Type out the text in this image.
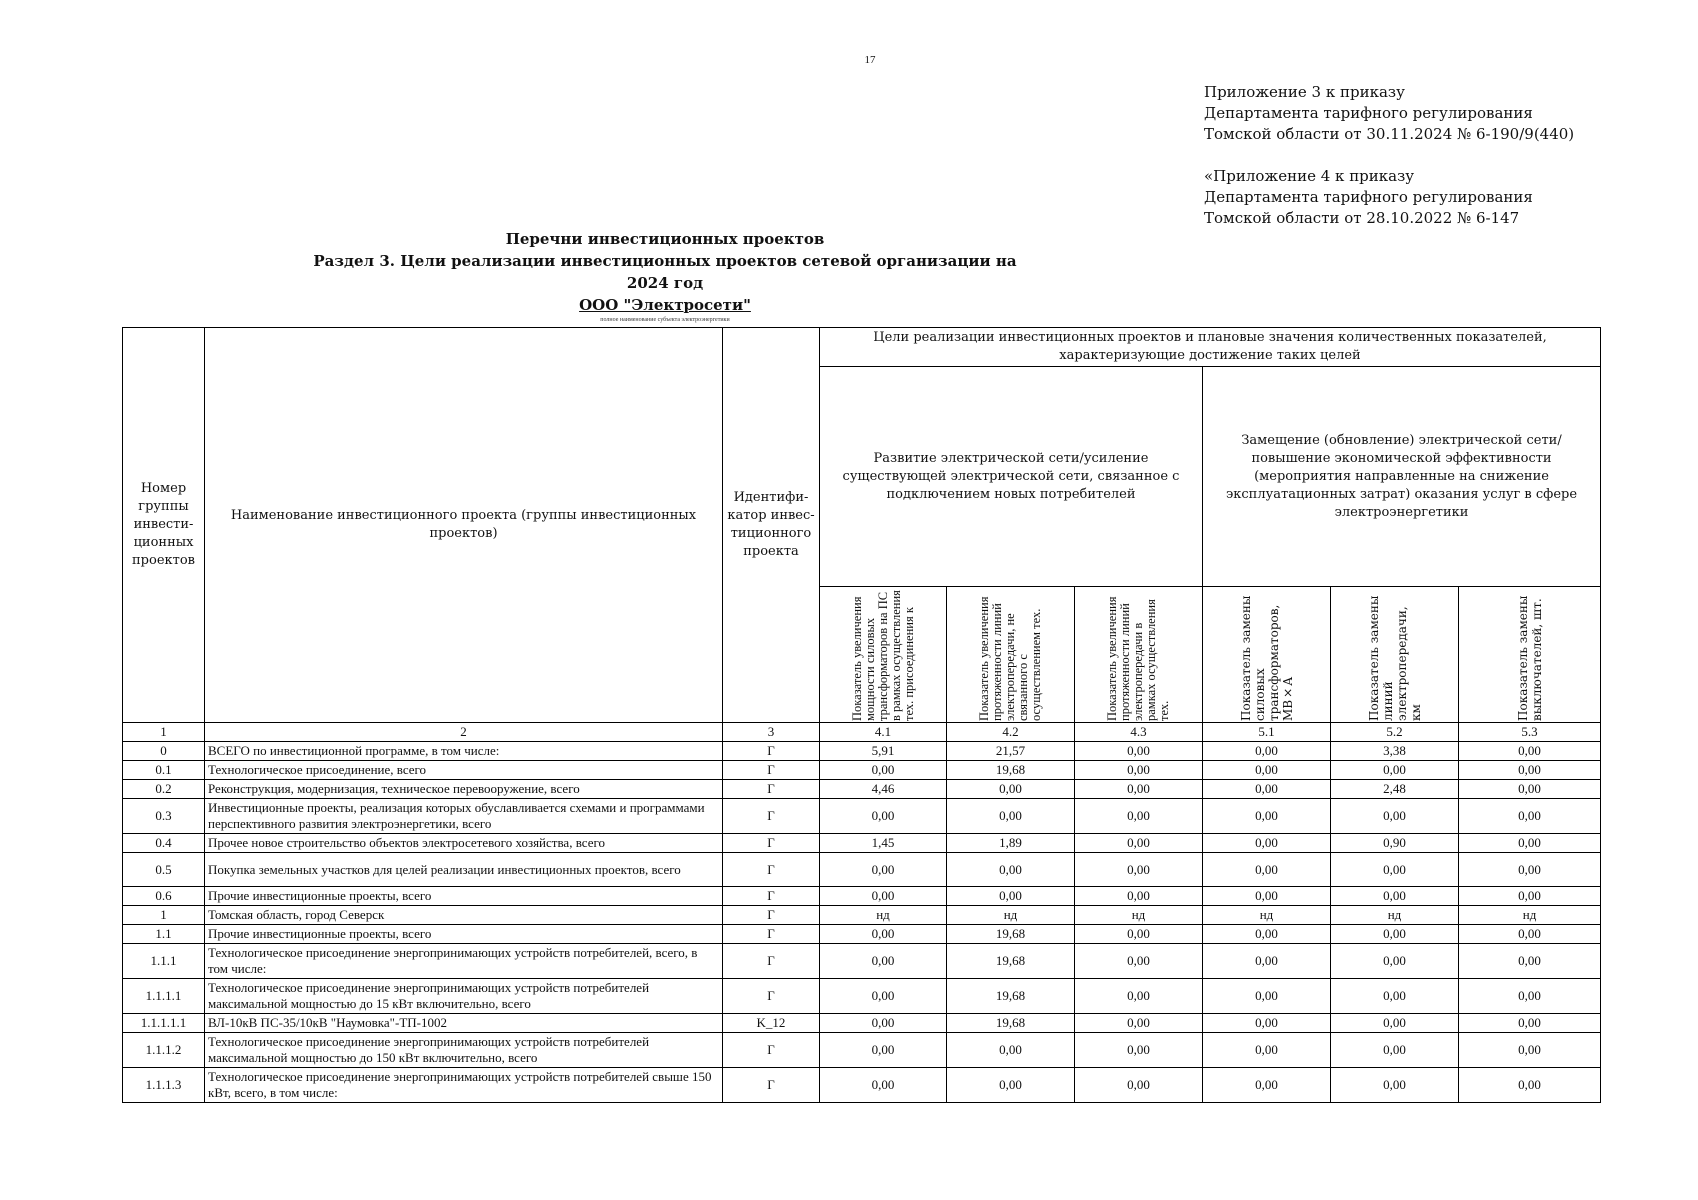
17
Приложение 3 к приказу
Департамента тарифного регулирования
Томской области от 30.11.2024 № 6-190/9(440)
«Приложение 4 к приказу
Департамента тарифного регулирования
Томской области от 28.10.2022 № 6-147
Перечни инвестиционных проектов
Раздел 3. Цели реализации инвестиционных проектов сетевой организации на 2024 год
ООО "Электросети"
полное наименование субъекта электроэнергетики
Номер группы инвести-ционных проектов	Наименование инвестиционного проекта (группы инвестиционных проектов)	Идентифи-катор инвес-тиционного проекта	Цели реализации инвестиционных проектов и плановые значения количественных показателей, характеризующие достижение таких целей					
			Развитие электрической сети/усиление существующей электрической сети, связанное с подключением новых потребителей			Замещение (обновление) электрической сети/повышение экономической эффективности (мероприятия направленные на снижение эксплуатационных затрат) оказания услуг в сфере электроэнергетики		

			Показатель увеличения мощности силовых трансформаторов на ПС в рамках осуществления тех. присоединения к	Показатель увеличения протяженности линий электропередачи, не связанного с осуществлением тех.	Показатель увеличения протяженности линий электропередачи в рамках осуществления тех.	Показатель замены силовых трансформаторов, МВ×А	Показатель замены линий электропередачи, км	Показатель замены выключателей, шт.

1	2	3	4.1	4.2	4.3	5.1	5.2	5.3
0	ВСЕГО по инвестиционной программе, в том числе:	Г	5,91	21,57	0,00	0,00	3,38	0,00
0.1	Технологическое присоединение, всего	Г	0,00	19,68	0,00	0,00	0,00	0,00
0.2	Реконструкция, модернизация, техническое перевооружение, всего	Г	4,46	0,00	0,00	0,00	2,48	0,00
0.3	Инвестиционные проекты, реализация которых обуславливается схемами и программами перспективного развития электроэнергетики, всего	Г	0,00	0,00	0,00	0,00	0,00	0,00
0.4	Прочее новое строительство объектов электросетевого хозяйства, всего	Г	1,45	1,89	0,00	0,00	0,90	0,00
0.5	Покупка земельных участков для целей реализации инвестиционных проектов, всего	Г	0,00	0,00	0,00	0,00	0,00	0,00
0.6	Прочие инвестиционные проекты, всего	Г	0,00	0,00	0,00	0,00	0,00	0,00
1	Томская область, город Северск	Г	нд	нд	нд	нд	нд	нд
1.1	Прочие инвестиционные проекты, всего	Г	0,00	19,68	0,00	0,00	0,00	0,00
1.1.1	Технологическое присоединение энергопринимающих устройств потребителей, всего, в том числе:	Г	0,00	19,68	0,00	0,00	0,00	0,00
1.1.1.1	Технологическое присоединение энергопринимающих устройств потребителей максимальной мощностью до 15 кВт включительно, всего	Г	0,00	19,68	0,00	0,00	0,00	0,00
1.1.1.1.1	ВЛ-10кВ ПС-35/10кВ "Наумовка"-ТП-1002	K_12	0,00	19,68	0,00	0,00	0,00	0,00
1.1.1.2	Технологическое присоединение энергопринимающих устройств потребителей максимальной мощностью до 150 кВт включительно, всего	Г	0,00	0,00	0,00	0,00	0,00	0,00
1.1.1.3	Технологическое присоединение энергопринимающих устройств потребителей свыше 150 кВт, всего, в том числе:	Г	0,00	0,00	0,00	0,00	0,00	0,00
